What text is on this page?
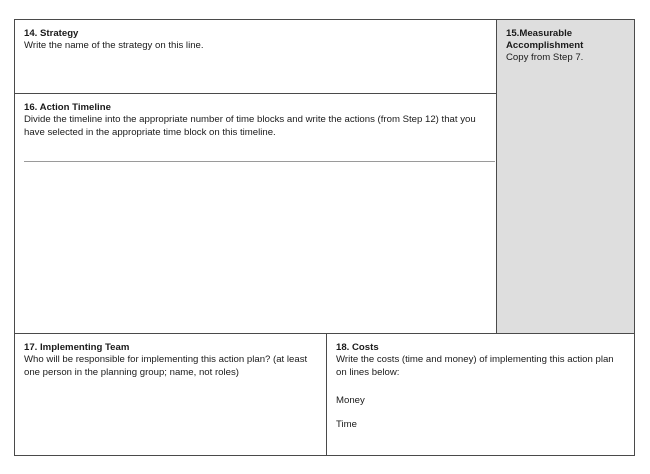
14. Strategy
Write the name of the strategy on this line.
16. Action Timeline
Divide the timeline into the appropriate number of time blocks and write the actions (from Step 12) that you have selected in the appropriate time block on this timeline.
15.Measurable
Accomplishment
Copy from Step 7.
17. Implementing Team
Who will be responsible for implementing this action plan? (at least one person in the planning group; name, not roles)
18. Costs
Write the costs (time and money) of implementing this action plan on lines below:
Money
Time
